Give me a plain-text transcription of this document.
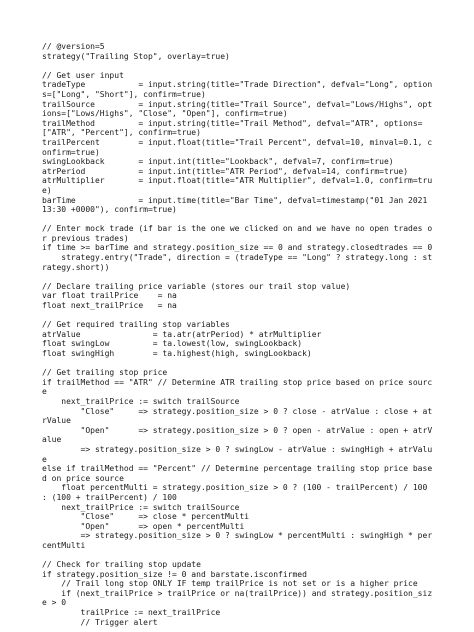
// @version=5
strategy("Trailing Stop", overlay=true)
// Get user input
tradeType           = input.string(title="Trade Direction", defval="Long", options=["Long", "Short"], confirm=true)
trailSource         = input.string(title="Trail Source", defval="Lows/Highs", options=["Lows/Highs", "Close", "Open"], confirm=true)
trailMethod         = input.string(title="Trail Method", defval="ATR", options=["ATR", "Percent"], confirm=true)
trailPercent        = input.float(title="Trail Percent", defval=10, minval=0.1, confirm=true)
swingLookback       = input.int(title="Lookback", defval=7, confirm=true)
atrPeriod           = input.int(title="ATR Period", defval=14, confirm=true)
atrMultiplier       = input.float(title="ATR Multiplier", defval=1.0, confirm=true)
barTime             = input.time(title="Bar Time", defval=timestamp("01 Jan 2021 13:30 +0000"), confirm=true)
// Enter mock trade (if bar is the one we clicked on and we have no open trades or previous trades)
if time >= barTime and strategy.position_size == 0 and strategy.closedtrades == 0
strategy.entry("Trade", direction = (tradeType == "Long" ? strategy.long : strategy.short))
// Declare trailing price variable (stores our trail stop value)
var float trailPrice    = na
float next_trailPrice   = na
// Get required trailing stop variables
atrValue               = ta.atr(atrPeriod) * atrMultiplier
float swingLow         = ta.lowest(low, swingLookback)
float swingHigh        = ta.highest(high, swingLookback)
// Get trailing stop price
if trailMethod == "ATR" // Determine ATR trailing stop price based on price source
next_trailPrice := switch trailSource
"Close"     => strategy.position_size > 0 ? close - atrValue : close + atrValue
"Open"      => strategy.position_size > 0 ? open - atrValue : open + atrValue
=> strategy.position_size > 0 ? swingLow - atrValue : swingHigh + atrValue
else if trailMethod == "Percent" // Determine percentage trailing stop price based on price source
float percentMulti = strategy.position_size > 0 ? (100 - trailPercent) / 100 : (100 + trailPercent) / 100
next_trailPrice := switch trailSource
"Close"     => close * percentMulti
"Open"      => open * percentMulti
=> strategy.position_size > 0 ? swingLow * percentMulti : swingHigh * percentMulti
// Check for trailing stop update
if strategy.position_size != 0 and barstate.isconfirmed
// Trail long stop ONLY IF temp trailPrice is not set or is a higher price
if (next_trailPrice > trailPrice or na(trailPrice)) and strategy.position_size > 0
trailPrice := next_trailPrice
// Trigger alert
